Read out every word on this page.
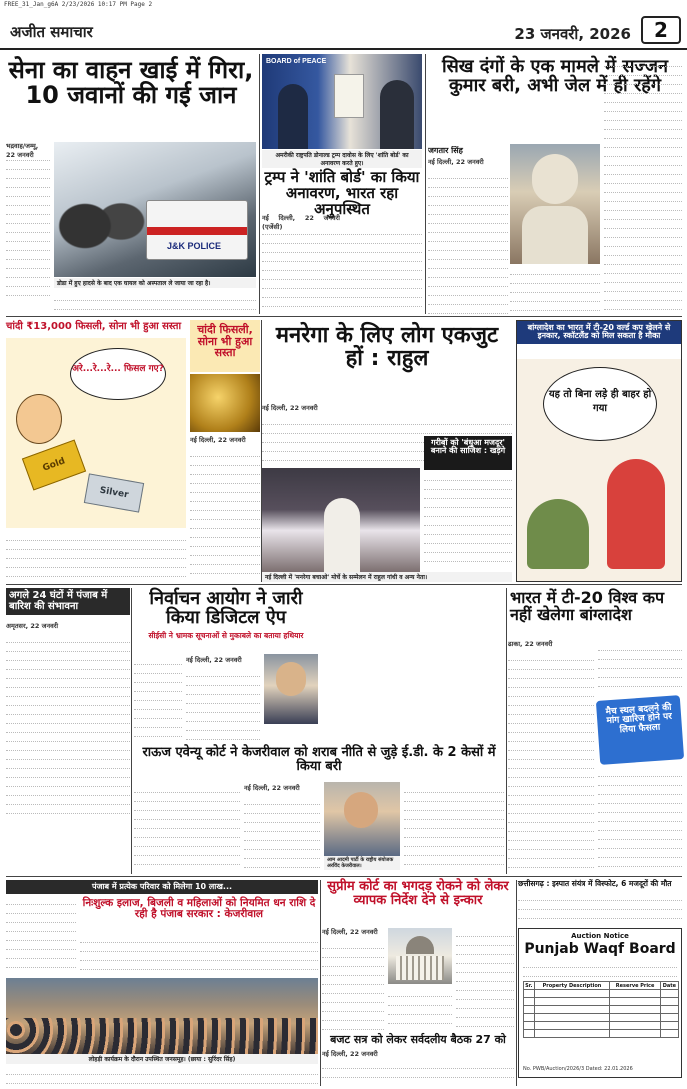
FREE_31_Jan_g6A 2/23/2026 10:17 PM Page 2
अजीत समाचार	23 जनवरी, 2026	2
सेना का वाहन खाई में गिरा, 10 जवानों की गई जान
भद्रवाह/जम्मू, 22 जनवरी
J&K POLICE
डोडा में हुए हादसे के बाद एक घायल को अस्पताल ले जाया जा रहा है।
BOARD of PEACE
अमरीकी राष्ट्रपति डोनाल्ड ट्रम्प दावोस के लिए 'शांति बोर्ड' का अनावरण करते हुए।
ट्रम्प ने 'शांति बोर्ड' का किया अनावरण, भारत रहा अनुपस्थित
नई दिल्ली, 22 जनवरी (एजेंसी)
सिख दंगों के एक मामले में सज्जन कुमार बरी, अभी जेल में ही रहेंगे
जगतार सिंह
नई दिल्ली, 22 जनवरी
चांदी ₹13,000 फिसली, सोना भी हुआ सस्ता
अरे...रे...रे... फिसल गए?
Gold
Silver
चांदी फिसली, सोना भी हुआ सस्ता
नई दिल्ली, 22 जनवरी
मनरेगा के लिए लोग एकजुट हों : राहुल
नई दिल्ली, 22 जनवरी
नई दिल्ली में 'मनरेगा बचाओ' मोर्चे के सम्मेलन में राहुल गांधी व अन्य नेता।
गरीबों को 'बंधुआ मजदूर' बनाने की साजिश : खड़गे
बांग्लादेश का भारत में टी-20 वर्ल्ड कप खेलने से इनकार, स्कॉटलैंड को मिल सकता है मौका
यह तो बिना लड़े ही बाहर हो गया
अगले 24 घंटों में पंजाब में बारिश की संभावना
अमृतसर, 22 जनवरी
निर्वाचन आयोग ने जारी किया डिजिटल ऐप
सीईसी ने भ्रामक सूचनाओं से मुकाबले का बताया हथियार
नई दिल्ली, 22 जनवरी
राऊज एवेन्यू कोर्ट ने केजरीवाल को शराब नीति से जुड़े ई.डी. के 2 केसों में किया बरी
नई दिल्ली, 22 जनवरी
आम आदमी पार्टी के राष्ट्रीय संयोजक अरविंद केजरीवाल।
भारत में टी-20 विश्व कप नहीं खेलेगा बांग्लादेश
ढाका, 22 जनवरी
मैच स्थल बदलने की मांग खारिज होने पर लिया फैसला
पंजाब में प्रत्येक परिवार को मिलेगा 10 लाख...
निःशुल्क इलाज, बिजली व महिलाओं को नियमित धन राशि दे रही है पंजाब सरकार : केजरीवाल
लोहड़ी कार्यक्रम के दौरान उपस्थित जनसमूह। (छाया : सुरिंदर सिंह)
सुप्रीम कोर्ट का भगदड़ रोकने को लेकर व्यापक निर्देश देने से इन्कार
नई दिल्ली, 22 जनवरी
छत्तीसगढ़ : इस्पात संयंत्र में विस्फोट, 6 मजदूरों की मौत
Auction Notice
Punjab Waqf Board
Sr.	Property Description	Reserve Price	Date

No. PWB/Auction/2026/3 Dated: 22.01.2026
बजट सत्र को लेकर सर्वदलीय बैठक 27 को
नई दिल्ली, 22 जनवरी
